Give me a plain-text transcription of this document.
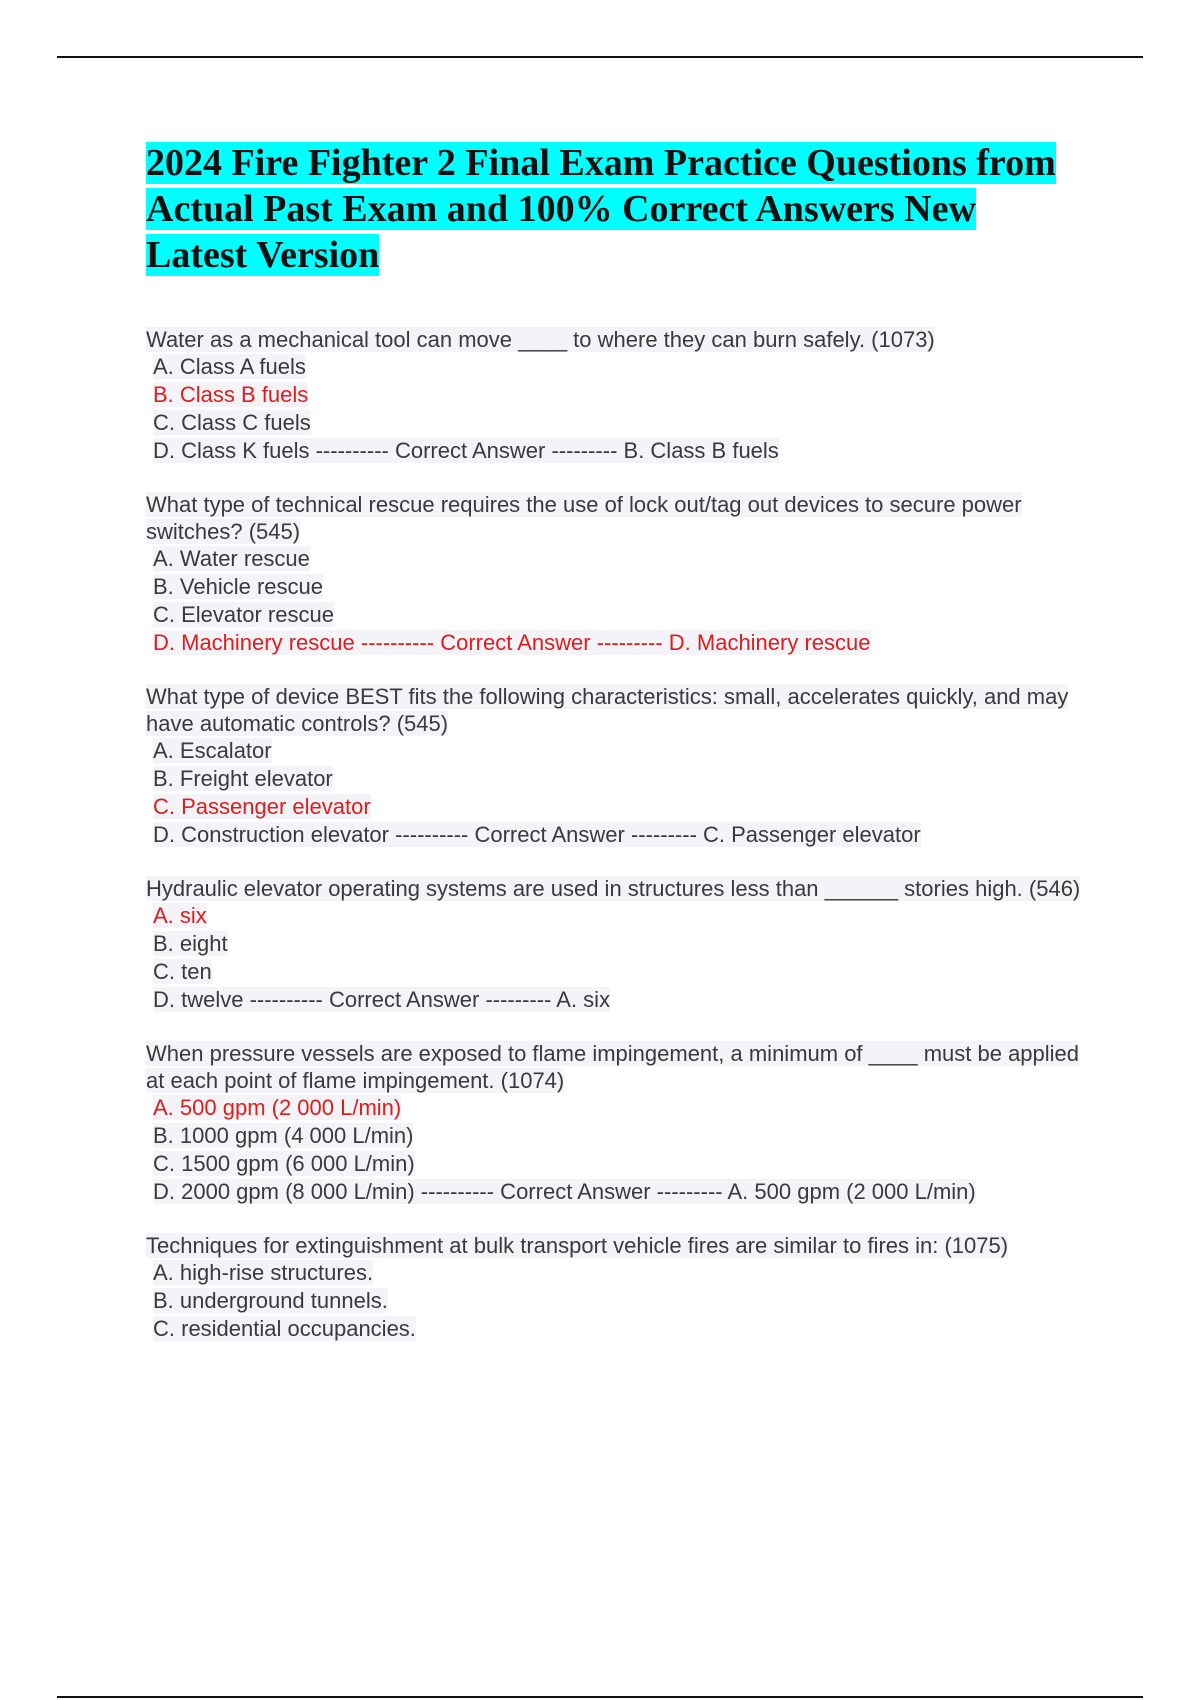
2024 Fire Fighter 2 Final Exam Practice Questions from Actual Past Exam and 100% Correct Answers New Latest Version

Water as a mechanical tool can move ____ to where they can burn safely. (1073)

A. Class A fuels
B. Class B fuels
C. Class C fuels
D. Class K fuels ---------- Correct Answer --------- B. Class B fuels

What type of technical rescue requires the use of lock out/tag out devices to secure power switches? (545)

A. Water rescue
B. Vehicle rescue
C. Elevator rescue
D. Machinery rescue ---------- Correct Answer --------- D. Machinery rescue

What type of device BEST fits the following characteristics: small, accelerates quickly, and may have automatic controls? (545)

A. Escalator
B. Freight elevator
C. Passenger elevator
D. Construction elevator ---------- Correct Answer --------- C. Passenger elevator

Hydraulic elevator operating systems are used in structures less than ______ stories high. (546)

A. six
B. eight
C. ten
D. twelve ---------- Correct Answer --------- A. six

When pressure vessels are exposed to flame impingement, a minimum of ____ must be applied at each point of flame impingement. (1074)

A. 500 gpm (2 000 L/min)
B. 1000 gpm (4 000 L/min)
C. 1500 gpm (6 000 L/min)
D. 2000 gpm (8 000 L/min) ---------- Correct Answer --------- A. 500 gpm (2 000 L/min)

Techniques for extinguishment at bulk transport vehicle fires are similar to fires in: (1075)

A. high-rise structures.
B. underground tunnels.
C. residential occupancies.
